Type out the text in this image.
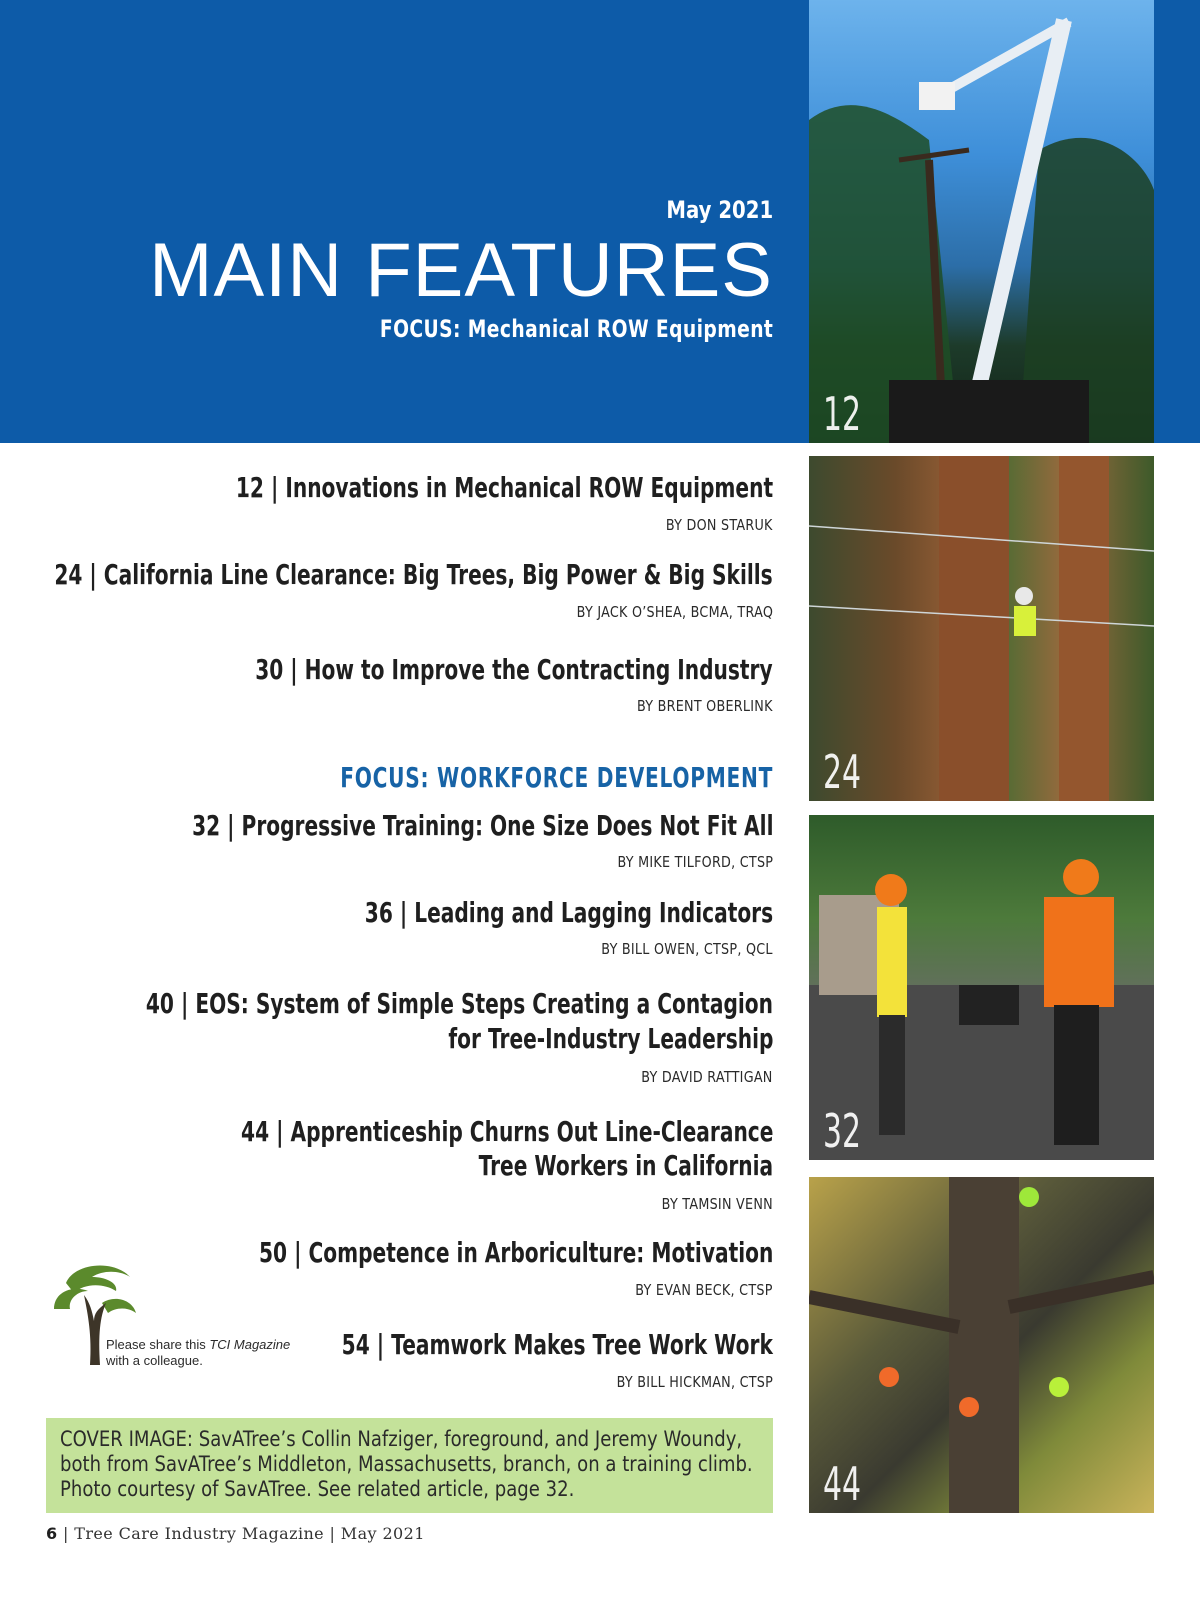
May 2021
MAIN FEATURES
FOCUS: Mechanical ROW Equipment
12
24
32
44
12 | Innovations in Mechanical ROW Equipment
BY DON STARUK
24 | California Line Clearance: Big Trees, Big Power & Big Skills
BY JACK O’SHEA, BCMA, TRAQ
30 | How to Improve the Contracting Industry
BY BRENT OBERLINK
FOCUS: WORKFORCE DEVELOPMENT
32 | Progressive Training: One Size Does Not Fit All
BY MIKE TILFORD, CTSP
36 | Leading and Lagging Indicators
BY BILL OWEN, CTSP, QCL
40 | EOS: System of Simple Steps Creating a Contagion
for Tree-Industry Leadership
BY DAVID RATTIGAN
44 | Apprenticeship Churns Out Line-Clearance
Tree Workers in California
BY TAMSIN VENN
50 | Competence in Arboriculture: Motivation
BY EVAN BECK, CTSP
54 | Teamwork Makes Tree Work Work
BY BILL HICKMAN, CTSP
Please share this TCI Magazine
with a colleague.
COVER IMAGE: SavATree’s Collin Nafziger, foreground, and Jeremy Woundy, both from SavATree’s Middleton, Massachusetts, branch, on a training climb. Photo courtesy of SavATree. See related article, page 32.
6 | Tree Care Industry Magazine | May 2021
